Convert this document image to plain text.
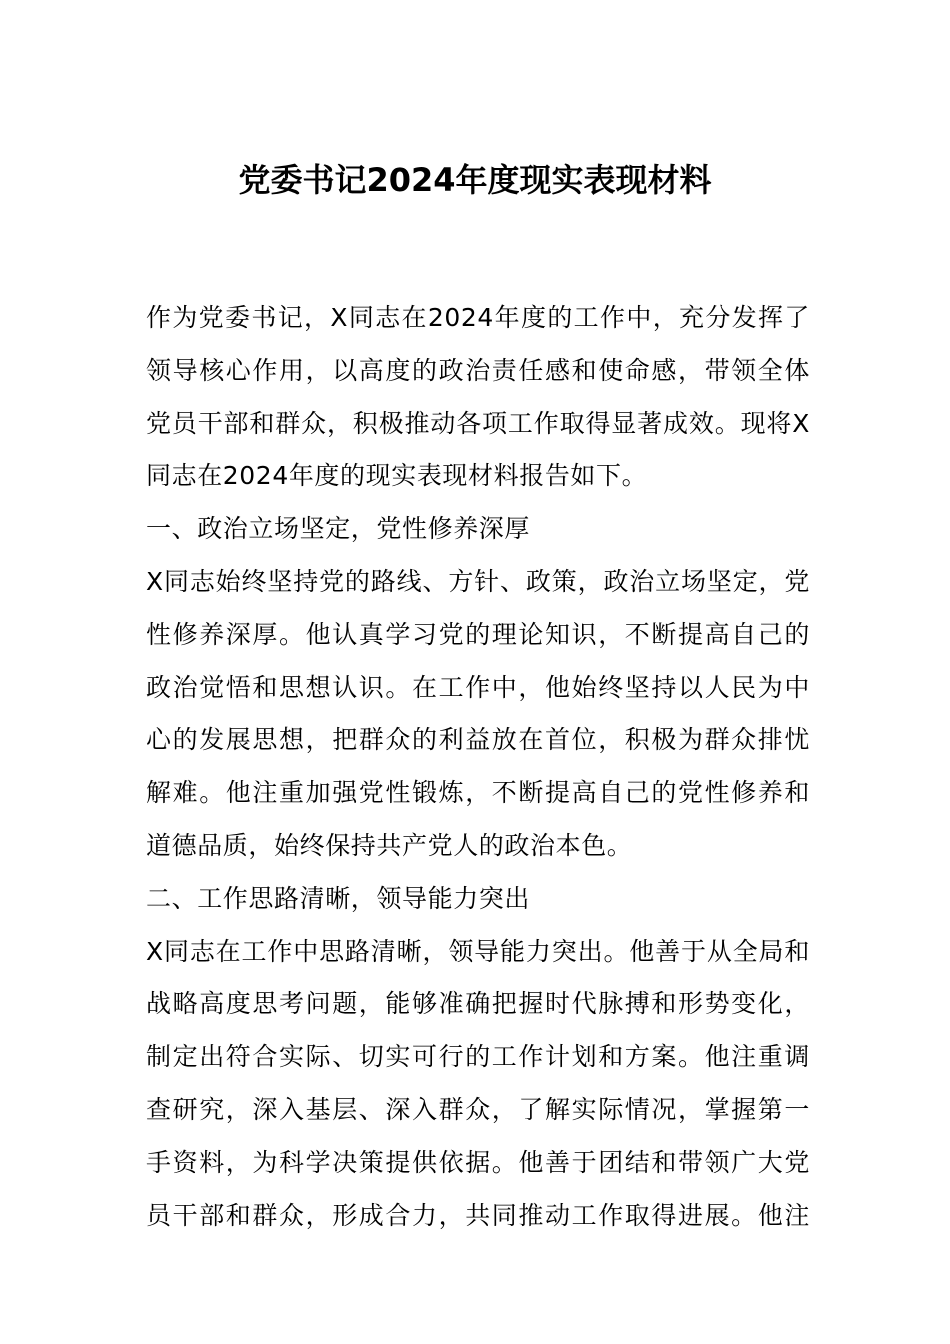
党委书记2024年度现实表现材料
作为党委书记，X同志在2024年度的工作中，充分发挥了
领导核心作用，以高度的政治责任感和使命感，带领全体
党员干部和群众，积极推动各项工作取得显著成效。现将X
同志在2024年度的现实表现材料报告如下。
一、政治立场坚定，党性修养深厚
X同志始终坚持党的路线、方针、政策，政治立场坚定，党
性修养深厚。他认真学习党的理论知识，不断提高自己的
政治觉悟和思想认识。在工作中，他始终坚持以人民为中
心的发展思想，把群众的利益放在首位，积极为群众排忧
解难。他注重加强党性锻炼，不断提高自己的党性修养和
道德品质，始终保持共产党人的政治本色。
二、工作思路清晰，领导能力突出
X同志在工作中思路清晰，领导能力突出。他善于从全局和
战略高度思考问题，能够准确把握时代脉搏和形势变化，
制定出符合实际、切实可行的工作计划和方案。他注重调
查研究，深入基层、深入群众，了解实际情况，掌握第一
手资料，为科学决策提供依据。他善于团结和带领广大党
员干部和群众，形成合力，共同推动工作取得进展。他注
